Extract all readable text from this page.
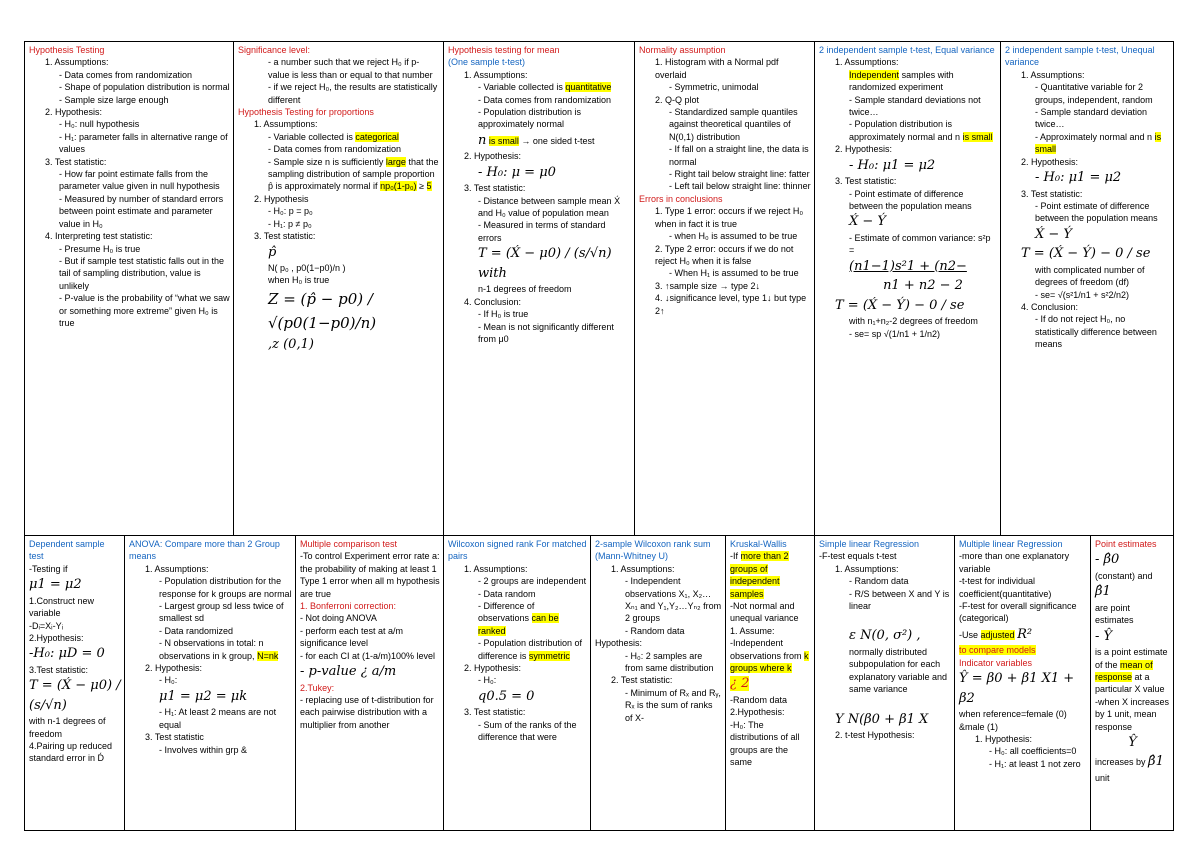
Hypothesis Testing
1. Assumptions:
- Data comes from randomization
- Shape of population distribution is normal
- Sample size large enough
2. Hypothesis:
- H₀: null hypothesis
- H₁: parameter falls in alternative range of values
3. Test statistic:
- How far point estimate falls from the parameter value given in null hypothesis
- Measured by number of standard errors between point estimate and parameter value in H₀
4. Interpreting test statistic:
- Presume H₀ is true
- But if sample test statistic falls out in the tail of sampling distribution, value is unlikely
- P-value is the probability of “what we saw or something more extreme” given H₀ is true
Significance level:
- a number such that we reject H₀ if p-value is less than or equal to that number
- if we reject H₀, the results are statistically different
Hypothesis Testing for proportions
1. Assumptions:
- Variable collected is categorical
- Data comes from randomization
- Sample size n is sufficiently large that the sampling distribution of sample proportion p̂ is approximately normal if np₀(1-p₀) ≥ 5
2. Hypothesis
- H₀: p = p₀
- H₁: p ≠ p₀
3. Test statistic:
p̂
N( p₀ , p0(1−p0)/n )
when H₀ is true
Z = (p̂ − p0) / √(p0(1−p0)/n)
,z (0,1)
Hypothesis testing for mean
(One sample t-test)
1. Assumptions:
- Variable collected is quantitative
- Data comes from randomization
- Population distribution is approximately normal
n is small → one sided t-test
2. Hypothesis:
- H₀: μ = μ0
3. Test statistic:
- Distance between sample mean X́ and H₀ value of population mean
- Measured in terms of standard errors
T = (X́ − μ0) / (s/√n) with
n-1 degrees of freedom
4. Conclusion:
- If H₀ is true
- Mean is not significantly different from μ0
Normality assumption
1. Histogram with a Normal pdf overlaid
- Symmetric, unimodal
2. Q-Q plot
- Standardized sample quantiles against theoretical quantiles of N(0,1) distribution
- If fall on a straight line, the data is normal
- Right tail below straight line: fatter
- Left tail below straight line: thinner
Errors in conclusions
1. Type 1 error: occurs if we reject H₀ when in fact it is true
- when H₀ is assumed to be true
2. Type 2 error: occurs if we do not reject H₀ when it is false
- When H₁ is assumed to be true
3. ↑sample size → type 2↓
4. ↓significance level, type 1↓ but type 2↑
2 independent sample t-test, Equal variance
1. Assumptions:
Independent samples with randomized experiment
- Sample standard deviations not twice…
- Population distribution is approximately normal and n is small
2. Hypothesis:
- H₀: μ1 = μ2
3. Test statistic:
- Point estimate of difference between the population means
X́ − Ý
- Estimate of common variance: s²p =
(n1−1)s²1 + (n2−
n1 + n2 − 2
T = (X́ − Ý) − 0 / se
with n₁+n₂-2 degrees of freedom
- se= sp √(1/n1 + 1/n2)
2 independent sample t-test, Unequal variance
1. Assumptions:
- Quantitative variable for 2 groups, independent, random
- Sample standard deviation twice…
- Approximately normal and n is small
2. Hypothesis:
- H₀: μ1 = μ2
3. Test statistic:
- Point estimate of difference between the population means
X́ − Ý
T = (X́ − Ý) − 0 / se
with complicated number of degrees of freedom (df)
- se= √(s²1/n1 + s²2/n2)
4. Conclusion:
- If do not reject H₀, no statistically difference between means
Dependent sample test
-Testing if
μ1 = μ2
1.Construct new variable
-Dᵢ=Xᵢ-Yᵢ
2.Hypothesis:
-H₀: μD = 0
3.Test statistic:
T = (X́ − μ0) / (s/√n)
with n-1 degrees of freedom
4.Pairing up reduced standard error in D́
ANOVA: Compare more than 2 Group means
1. Assumptions:
- Population distribution for the response for k groups are normal
- Largest group sd less twice of smallest sd
- Data randomized
- N observations in total: n observations in k group, N=nk
2. Hypothesis:
- H₀:
μ1 = μ2 = μk
- H₁: At least 2 means are not equal
3. Test statistic
- Involves within grp &
Multiple comparison test
-To control Experiment error rate a: the probability of making at least 1 Type 1 error when all m hypothesis are true
1. Bonferroni correction:
- Not doing ANOVA
- perform each test at a/m significance level
- for each CI at (1-a/m)100% level
- p-value ¿ a/m
2.Tukey:
- replacing use of t-distribution for each pairwise distribution with a multiplier from another
Wilcoxon signed rank For matched pairs
1. Assumptions:
- 2 groups are independent
- Data random
- Difference of observations can be ranked
- Population distribution of difference is symmetric
2. Hypothesis:
- H₀:
q0.5 = 0
3. Test statistic:
- Sum of the ranks of the difference that were
2-sample Wilcoxon rank sum (Mann-Whitney U)
1. Assumptions:
- Independent observations X₁, X₂…Xₙ₁ and Y₁,Y₂…Yₙ₂ from 2 groups
- Random data
Hypothesis:
- H₀: 2 samples are from same distribution
2. Test statistic:
- Minimum of Rₓ and Rᵧ, Rₓ is the sum of ranks of X-
Kruskal-Wallis
-If more than 2 groups of independent samples
-Not normal and unequal variance
1. Assume:
-Independent observations from k groups where k
¿ 2
-Random data
2.Hypothesis:
-H₀: The distributions of all groups are the same
Simple linear Regression
-F-test equals t-test
1. Assumptions:
- Random data
- R/S between X and Y is linear
ε N(0, σ²) ,
normally distributed subpopulation for each explanatory variable and same variance
Y N(β0 + β1 X
2. t-test Hypothesis:
Multiple linear Regression
-more than one explanatory variable
-t-test for individual coefficient(quantitative)
-F-test for overall significance (categorical)
-Use adjusted R²
to compare models
Indicator variables
Ŷ = β0 + β1 X1 + β2
when reference=female (0) &male (1)
1. Hypothesis:
- H₀: all coefficients=0
- H₁: at least 1 not zero
Point estimates
- β̂0
(constant) and
β̂1
are point estimates
- Ŷ
is a point estimate of the mean of response at a particular X value
-when X increases by 1 unit, mean response
Ŷ
increases by β̂1 unit
